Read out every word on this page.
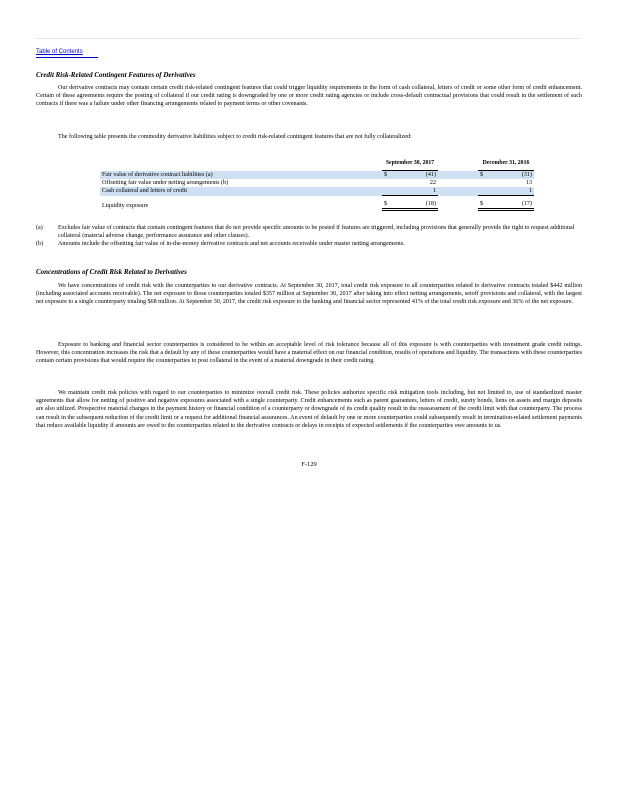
Table of Contents
Credit Risk-Related Contingent Features of Derivatives

Our derivative contracts may contain certain credit risk-related contingent features that could trigger liquidity requirements in the form of cash collateral, letters of credit or some other form of credit enhancement. Certain of these agreements require the posting of collateral if our credit rating is downgraded by one or more credit rating agencies or include cross-default contractual provisions that could result in the settlement of such contracts if there was a failure under other financing arrangements related to payment terms or other covenants.

The following table presents the commodity derivative liabilities subject to credit risk-related contingent features that are not fully collateralized:

	September 30, 2017			December 31, 2016	
Fair value of derivative contract liabilities (a)	$	(41)		$	(31)
Offsetting fair value under netting arrangements (b)		22			13
Cash collateral and letters of credit		1			1
Liquidity exposure	$	(18)		$	(17)
(a)	Excludes fair value of contracts that contain contingent features that do not provide specific amounts to be posted if features are triggered, including provisions that generally provide the right to request additional collateral (material adverse change, performance assurance and other clauses).
(b)	Amounts include the offsetting fair value of in-the-money derivative contracts and net accounts receivable under master netting arrangements.
Concentrations of Credit Risk Related to Derivatives

We have concentrations of credit risk with the counterparties to our derivative contracts. At September 30, 2017, total credit risk exposure to all counterparties related to derivative contracts totaled $442 million (including associated accounts receivable). The net exposure to those counterparties totaled $357 million at September 30, 2017 after taking into effect netting arrangements, setoff provisions and collateral, with the largest net exposure to a single counterparty totaling $68 million. At September 30, 2017, the credit risk exposure to the banking and financial sector represented 41% of the total credit risk exposure and 36% of the net exposure.

Exposure to banking and financial sector counterparties is considered to be within an acceptable level of risk tolerance because all of this exposure is with counterparties with investment grade credit ratings. However, this concentration increases the risk that a default by any of these counterparties would have a material effect on our financial condition, results of operations and liquidity. The transactions with these counterparties contain certain provisions that would require the counterparties to post collateral in the event of a material downgrade in their credit rating.

We maintain credit risk policies with regard to our counterparties to minimize overall credit risk. These policies authorize specific risk mitigation tools including, but not limited to, use of standardized master agreements that allow for netting of positive and negative exposures associated with a single counterparty. Credit enhancements such as parent guarantees, letters of credit, surety bonds, liens on assets and margin deposits are also utilized. Prospective material changes in the payment history or financial condition of a counterparty or downgrade of its credit quality result in the reassessment of the credit limit with that counterparty. The process can result in the subsequent reduction of the credit limit or a request for additional financial assurances. An event of default by one or more counterparties could subsequently result in termination-related settlement payments that reduce available liquidity if amounts are owed to the counterparties related to the derivative contracts or delays in receipts of expected settlements if the counterparties owe amounts to us.

F-129
